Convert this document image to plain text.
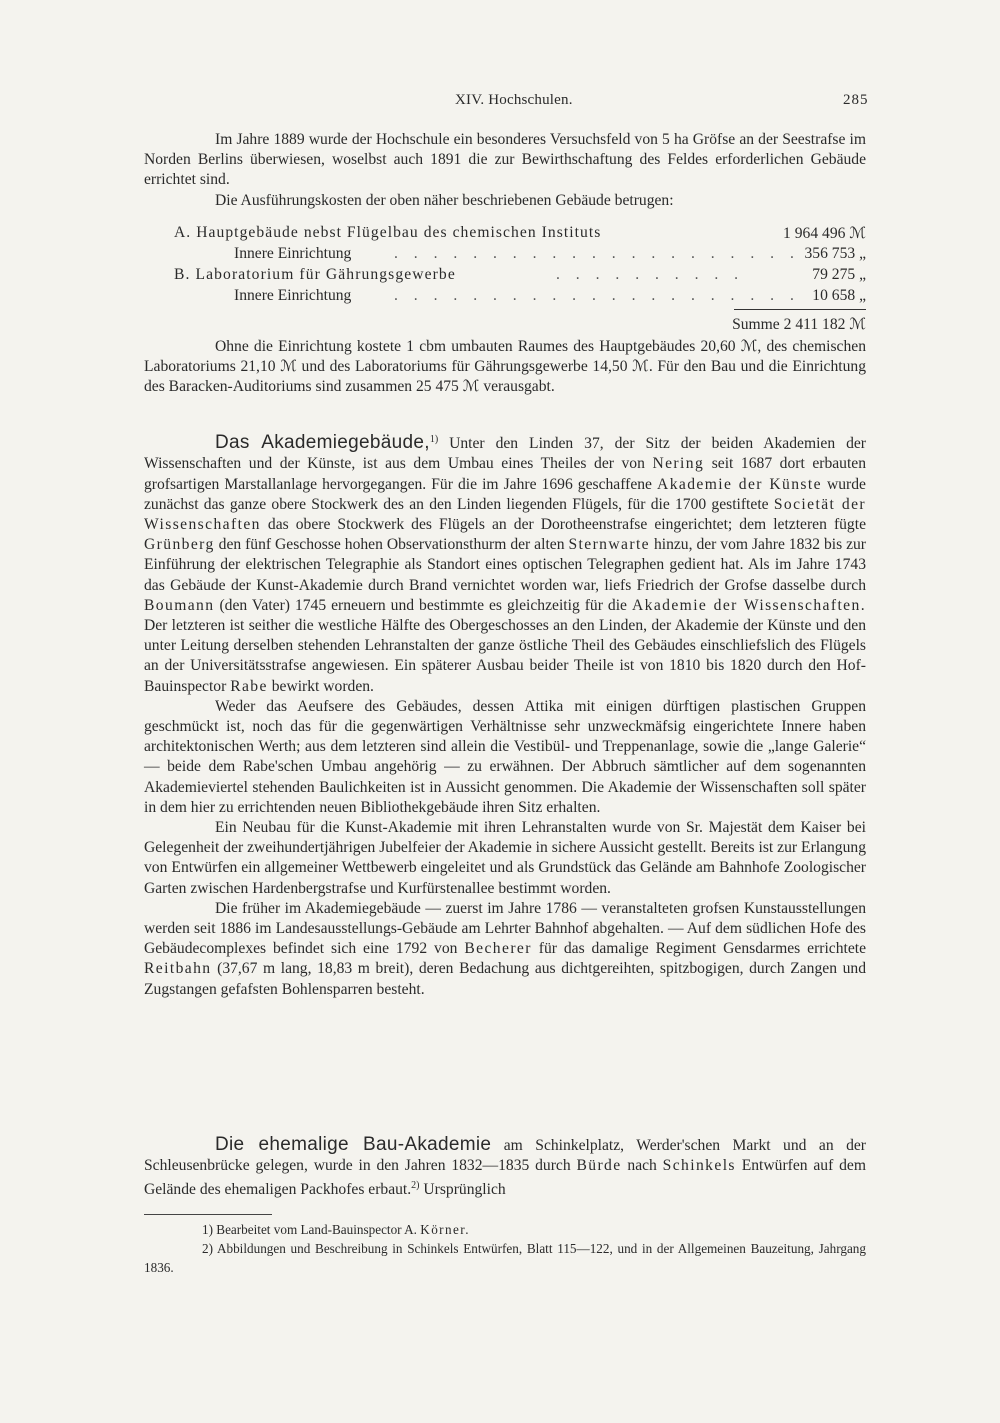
XIV. Hochschulen.	285

Im Jahre 1889 wurde der Hochschule ein besonderes Versuchsfeld von 5 ha Gröfse an der Seestrafse im Norden Berlins überwiesen, woselbst auch 1891 die zur Bewirthschaftung des Feldes erforderlichen Gebäude errichtet sind.

Die Ausführungskosten der oben näher beschriebenen Gebäude betrugen:

A. Hauptgebäude nebst Flügelbau des chemischen Instituts	1 964 496 ℳ
Innere Einrichtung	. . . . . . . . . . . . . . . . . . . . . 356 753 „
B. Laboratorium für Gährungsgewerbe	. . . . . . . . . .	79 275 „
Innere Einrichtung	. . . . . . . . . . . . . . . . . . . . . 10 658 „
Summe 2 411 182 ℳ

Ohne die Einrichtung kostete 1 cbm umbauten Raumes des Hauptgebäudes 20,60 ℳ, des chemischen Laboratoriums 21,10 ℳ und des Laboratoriums für Gährungsgewerbe 14,50 ℳ. Für den Bau und die Einrichtung des Baracken-Auditoriums sind zusammen 25 475 ℳ verausgabt.

Das Akademiegebäude,$^{1)}$ Unter den Linden 37, der Sitz der beiden Akademien der Wissenschaften und der Künste, ist aus dem Umbau eines Theiles der von Nering seit 1687 dort erbauten grofsartigen Marstallanlage hervorgegangen. Für die im Jahre 1696 geschaffene Akademie der Künste wurde zunächst das ganze obere Stockwerk des an den Linden liegenden Flügels, für die 1700 gestiftete Societät der Wissenschaften das obere Stockwerk des Flügels an der Dorotheenstrafse eingerichtet; dem letzteren fügte Grünberg den fünf Geschosse hohen Observationsthurm der alten Sternwarte hinzu, der vom Jahre 1832 bis zur Einführung der elektrischen Telegraphie als Standort eines optischen Telegraphen gedient hat. Als im Jahre 1743 das Gebäude der Kunst-Akademie durch Brand vernichtet worden war, liefs Friedrich der Grofse dasselbe durch Boumann (den Vater) 1745 erneuern und bestimmte es gleichzeitig für die Akademie der Wissenschaften. Der letzteren ist seither die westliche Hälfte des Obergeschosses an den Linden, der Akademie der Künste und den unter Leitung derselben stehenden Lehranstalten der ganze östliche Theil des Gebäudes einschliefslich des Flügels an der Universitätsstrafse angewiesen. Ein späterer Ausbau beider Theile ist von 1810 bis 1820 durch den Hof-Bauinspector Rabe bewirkt worden.

Weder das Aeufsere des Gebäudes, dessen Attika mit einigen dürftigen plastischen Gruppen geschmückt ist, noch das für die gegenwärtigen Verhältnisse sehr unzweckmäfsig eingerichtete Innere haben architektonischen Werth; aus dem letzteren sind allein die Vestibül- und Treppenanlage, sowie die „lange Galerie“ — beide dem Rabe'schen Umbau angehörig — zu erwähnen. Der Abbruch sämtlicher auf dem sogenannten Akademieviertel stehenden Baulichkeiten ist in Aussicht genommen. Die Akademie der Wissenschaften soll später in dem hier zu errichtenden neuen Bibliothekgebäude ihren Sitz erhalten.

Ein Neubau für die Kunst-Akademie mit ihren Lehranstalten wurde von Sr. Majestät dem Kaiser bei Gelegenheit der zweihundertjährigen Jubelfeier der Akademie in sichere Aussicht gestellt. Bereits ist zur Erlangung von Entwürfen ein allgemeiner Wettbewerb eingeleitet und als Grundstück das Gelände am Bahnhofe Zoologischer Garten zwischen Hardenbergstrafse und Kurfürstenallee bestimmt worden.

Die früher im Akademiegebäude — zuerst im Jahre 1786 — veranstalteten grofsen Kunstausstellungen werden seit 1886 im Landesausstellungs-Gebäude am Lehrter Bahnhof abgehalten. — Auf dem südlichen Hofe des Gebäudecomplexes befindet sich eine 1792 von Becherer für das damalige Regiment Gensdarmes errichtete Reitbahn (37,67 m lang, 18,83 m breit), deren Bedachung aus dichtgereihten, spitzbogigen, durch Zangen und Zugstangen gefafsten Bohlensparren besteht.

Die ehemalige Bau-Akademie am Schinkelplatz, Werder'schen Markt und an der Schleusenbrücke gelegen, wurde in den Jahren 1832—1835 durch Bürde nach Schinkels Entwürfen auf dem Gelände des ehemaligen Packhofes erbaut.$^{2)}$ Ursprünglich

1) Bearbeitet vom Land-Bauinspector A. Körner.

2) Abbildungen und Beschreibung in Schinkels Entwürfen, Blatt 115—122, und in der Allgemeinen Bauzeitung, Jahrgang 1836.
